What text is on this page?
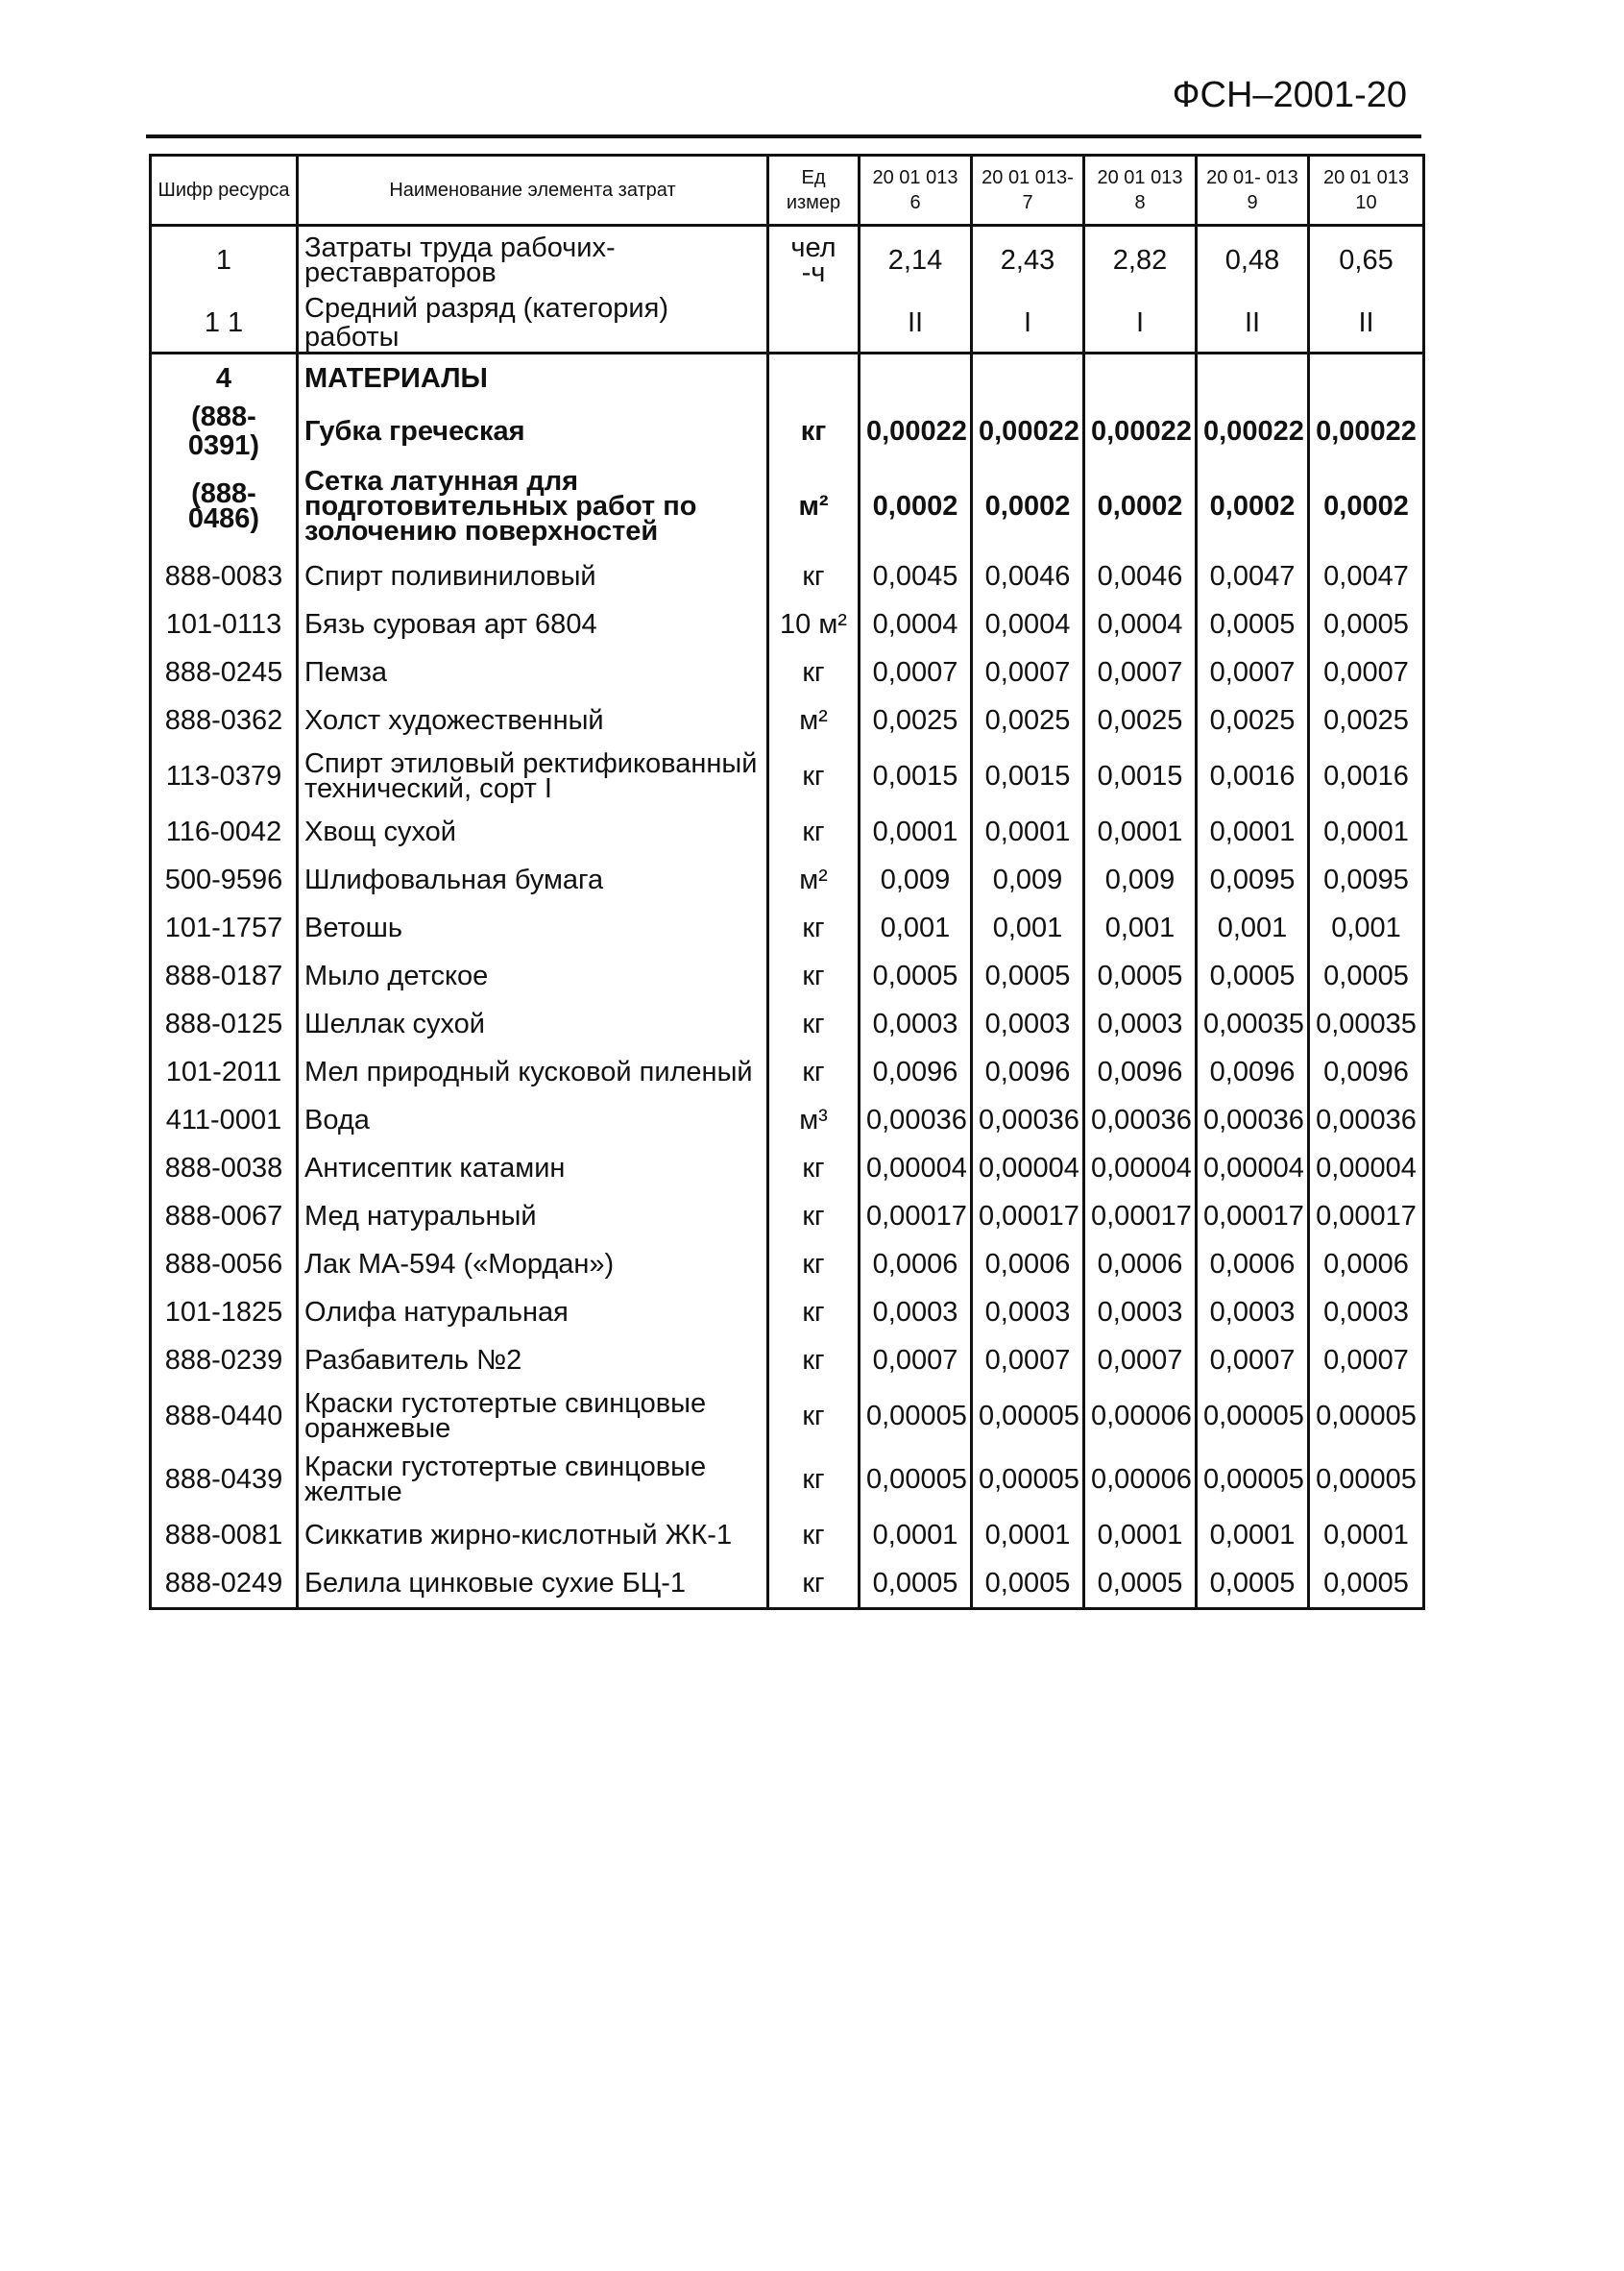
ФСН–2001-20
Шифр ресурса	Наименование элемента затрат	Ед измер	20 01 013 6	20 01 013-7	20 01 013 8	20 01- 013 9	20 01 013 10
1	Затраты труда рабочих-реставраторов	чел -ч	2,14	2,43	2,82	0,48	0,65
1 1	Средний разряд (категория) работы		II	I	I	II	II
4	МАТЕРИАЛЫ						
(888-0391)	Губка греческая	кг	0,00022	0,00022	0,00022	0,00022	0,00022
(888-0486)	Сетка латунная для подготовительных работ по золочению поверхностей	м²	0,0002	0,0002	0,0002	0,0002	0,0002
888-0083	Спирт поливиниловый	кг	0,0045	0,0046	0,0046	0,0047	0,0047
101-0113	Бязь суровая арт 6804	10 м²	0,0004	0,0004	0,0004	0,0005	0,0005
888-0245	Пемза	кг	0,0007	0,0007	0,0007	0,0007	0,0007
888-0362	Холст художественный	м²	0,0025	0,0025	0,0025	0,0025	0,0025
113-0379	Спирт этиловый ректификованный технический, сорт I	кг	0,0015	0,0015	0,0015	0,0016	0,0016
116-0042	Хвощ сухой	кг	0,0001	0,0001	0,0001	0,0001	0,0001
500-9596	Шлифовальная бумага	м²	0,009	0,009	0,009	0,0095	0,0095
101-1757	Ветошь	кг	0,001	0,001	0,001	0,001	0,001
888-0187	Мыло детское	кг	0,0005	0,0005	0,0005	0,0005	0,0005
888-0125	Шеллак сухой	кг	0,0003	0,0003	0,0003	0,00035	0,00035
101-2011	Мел природный кусковой пиленый	кг	0,0096	0,0096	0,0096	0,0096	0,0096
411-0001	Вода	м³	0,00036	0,00036	0,00036	0,00036	0,00036
888-0038	Антисептик катамин	кг	0,00004	0,00004	0,00004	0,00004	0,00004
888-0067	Мед натуральный	кг	0,00017	0,00017	0,00017	0,00017	0,00017
888-0056	Лак МА-594 («Мордан»)	кг	0,0006	0,0006	0,0006	0,0006	0,0006
101-1825	Олифа натуральная	кг	0,0003	0,0003	0,0003	0,0003	0,0003
888-0239	Разбавитель №2	кг	0,0007	0,0007	0,0007	0,0007	0,0007
888-0440	Краски густотертые свинцовые оранжевые	кг	0,00005	0,00005	0,00006	0,00005	0,00005
888-0439	Краски густотертые свинцовые желтые	кг	0,00005	0,00005	0,00006	0,00005	0,00005
888-0081	Сиккатив жирно-кислотный ЖК-1	кг	0,0001	0,0001	0,0001	0,0001	0,0001
888-0249	Белила цинковые сухие БЦ-1	кг	0,0005	0,0005	0,0005	0,0005	0,0005
